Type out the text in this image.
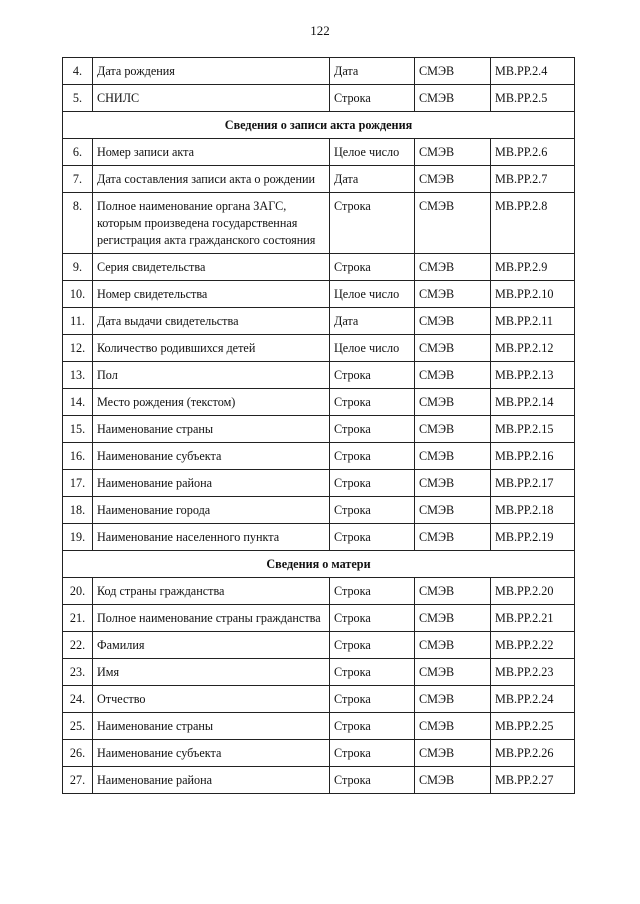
122
4.	Дата рождения	Дата	СМЭВ	МВ.РР.2.4
5.	СНИЛС	Строка	СМЭВ	МВ.РР.2.5
Сведения о записи акта рождения				
6.	Номер записи акта	Целое число	СМЭВ	МВ.РР.2.6
7.	Дата составления записи акта о рождении	Дата	СМЭВ	МВ.РР.2.7
8.	Полное наименование органа ЗАГС, которым произведена государственная регистрация акта гражданского состояния	Строка	СМЭВ	МВ.РР.2.8
9.	Серия свидетельства	Строка	СМЭВ	МВ.РР.2.9
10.	Номер свидетельства	Целое число	СМЭВ	МВ.РР.2.10
11.	Дата выдачи свидетельства	Дата	СМЭВ	МВ.РР.2.11
12.	Количество родившихся детей	Целое число	СМЭВ	МВ.РР.2.12
13.	Пол	Строка	СМЭВ	МВ.РР.2.13
14.	Место рождения (текстом)	Строка	СМЭВ	МВ.РР.2.14
15.	Наименование страны	Строка	СМЭВ	МВ.РР.2.15
16.	Наименование субъекта	Строка	СМЭВ	МВ.РР.2.16
17.	Наименование района	Строка	СМЭВ	МВ.РР.2.17
18.	Наименование города	Строка	СМЭВ	МВ.РР.2.18
19.	Наименование населенного пункта	Строка	СМЭВ	МВ.РР.2.19
Сведения о матери				
20.	Код страны гражданства	Строка	СМЭВ	МВ.РР.2.20
21.	Полное наименование страны гражданства	Строка	СМЭВ	МВ.РР.2.21
22.	Фамилия	Строка	СМЭВ	МВ.РР.2.22
23.	Имя	Строка	СМЭВ	МВ.РР.2.23
24.	Отчество	Строка	СМЭВ	МВ.РР.2.24
25.	Наименование страны	Строка	СМЭВ	МВ.РР.2.25
26.	Наименование субъекта	Строка	СМЭВ	МВ.РР.2.26
27.	Наименование района	Строка	СМЭВ	МВ.РР.2.27
